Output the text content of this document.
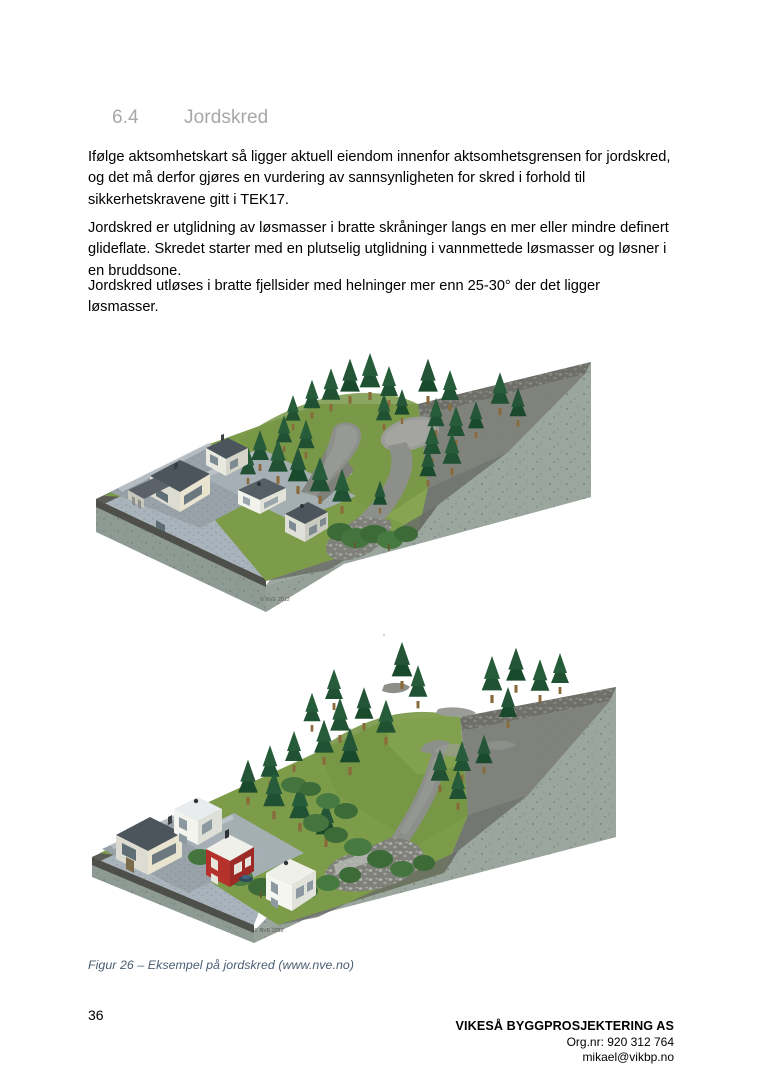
6.4 Jordskred

Ifølge aktsomhetskart så ligger aktuell eiendom innenfor aktsomhetsgrensen for jordskred, og det må derfor gjøres en vurdering av sannsynligheten for skred i forhold til sikkerhetskravene gitt i TEK17.

Jordskred er utglidning av løsmasser i bratte skråninger langs en mer eller mindre definert glideflate. Skredet starter med en plutselig utglidning i vannmettede løsmasser og løsner i en bruddsone.

Jordskred utløses i bratte fjellsider med helninger mer enn 25-30° der det ligger løsmasser.

© NVE 2012
© NVE 2012
Figur 26 – Eksempel på jordskred (www.nve.no)
36
VIKESÅ BYGGPROSJEKTERING AS
Org.nr: 920 312 764
mikael@vikbp.no
